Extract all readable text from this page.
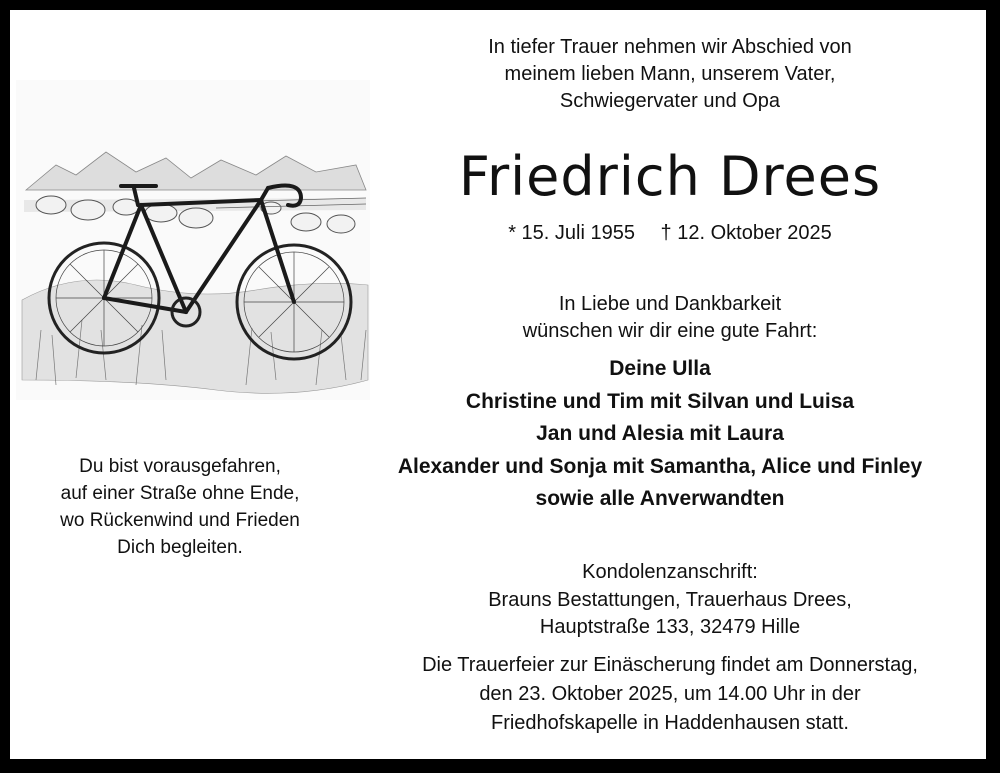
In tiefer Trauer nehmen wir Abschied von
meinem lieben Mann, unserem Vater,
Schwiegervater und Opa
Friedrich Drees
* 15. Juli 1955 † 12. Oktober 2025
In Liebe und Dankbarkeit
wünschen wir dir eine gute Fahrt:
Deine Ulla
Christine und Tim mit Silvan und Luisa
Jan und Alesia mit Laura
Alexander und Sonja mit Samantha, Alice und Finley
sowie alle Anverwandten
Du bist vorausgefahren,
auf einer Straße ohne Ende,
wo Rückenwind und Frieden
Dich begleiten.
Kondolenzanschrift:
Brauns Bestattungen, Trauerhaus Drees,
Hauptstraße 133, 32479 Hille
Die Trauerfeier zur Einäscherung findet am Donnerstag,
den 23. Oktober 2025, um 14.00 Uhr in der
Friedhofskapelle in Haddenhausen statt.
